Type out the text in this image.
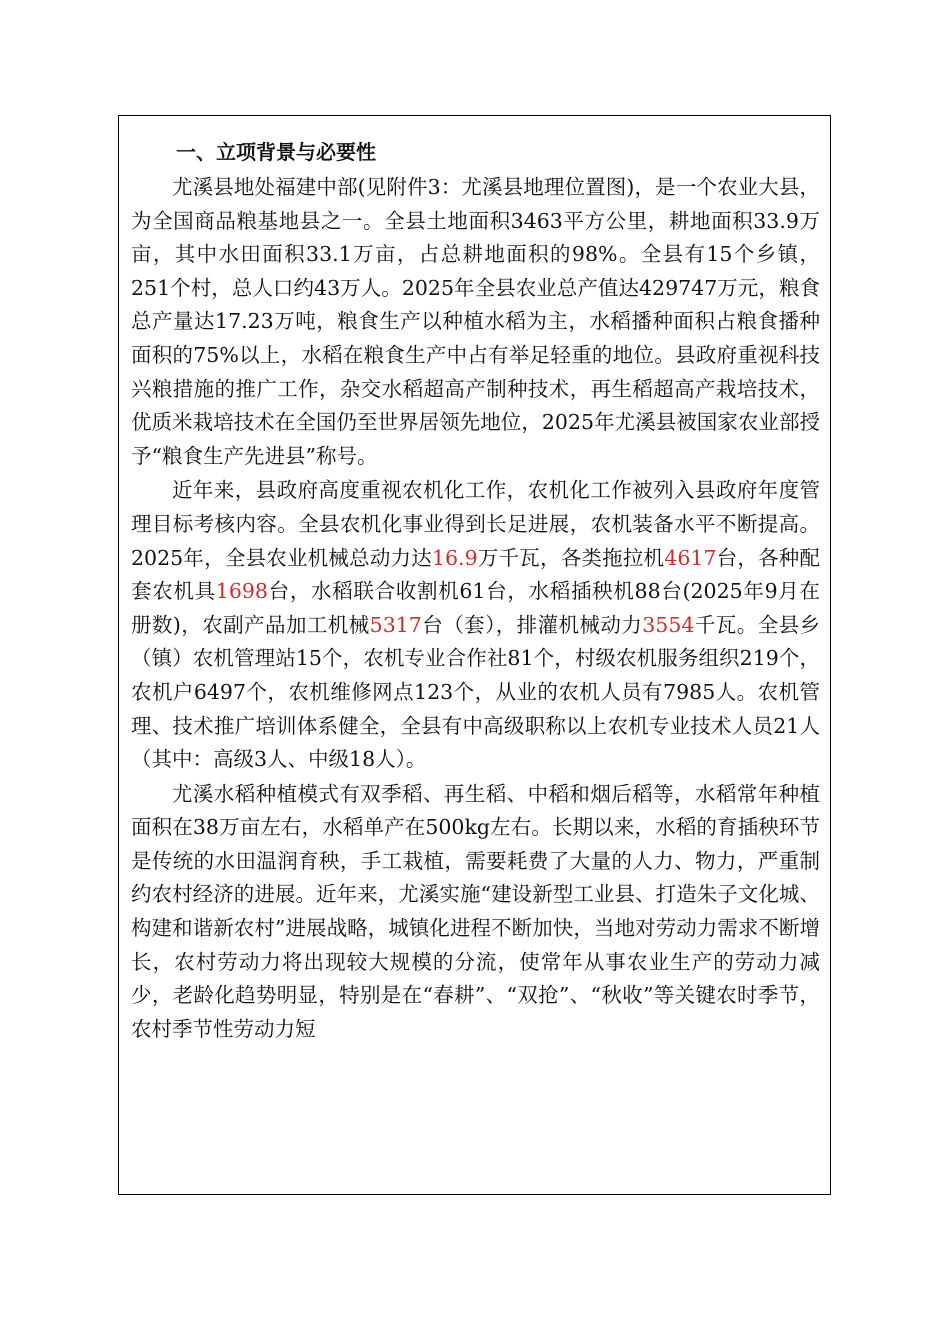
一、立项背景与必要性

尤溪县地处福建中部(见附件3：尤溪县地理位置图)，是一个农业大县，为全国商品粮基地县之一。全县土地面积3463平方公里，耕地面积33.9万亩，其中水田面积33.1万亩，占总耕地面积的98%。全县有15个乡镇，251个村，总人口约43万人。2025年全县农业总产值达429747万元，粮食总产量达17.23万吨，粮食生产以种植水稻为主，水稻播种面积占粮食播种面积的75%以上，水稻在粮食生产中占有举足轻重的地位。县政府重视科技兴粮措施的推广工作，杂交水稻超高产制种技术，再生稻超高产栽培技术，优质米栽培技术在全国仍至世界居领先地位，2025年尤溪县被国家农业部授予“粮食生产先进县”称号。

近年来，县政府高度重视农机化工作，农机化工作被列入县政府年度管理目标考核内容。全县农机化事业得到长足进展，农机装备水平不断提高。2025年，全县农业机械总动力达16.9万千瓦，各类拖拉机4617台，各种配套农机具1698台，水稻联合收割机61台，水稻插秧机88台(2025年9月在册数)，农副产品加工机械5317台（套），排灌机械动力3554千瓦。全县乡（镇）农机管理站15个，农机专业合作社81个，村级农机服务组织219个，农机户6497个，农机维修网点123个，从业的农机人员有7985人。农机管理、技术推广培训体系健全，全县有中高级职称以上农机专业技术人员21人（其中：高级3人、中级18人）。

尤溪水稻种植模式有双季稻、再生稻、中稻和烟后稻等，水稻常年种植面积在38万亩左右，水稻单产在500kg左右。长期以来，水稻的育插秧环节是传统的水田温润育秧，手工栽植，需要耗费了大量的人力、物力，严重制约农村经济的进展。近年来，尤溪实施“建设新型工业县、打造朱子文化城、构建和谐新农村”进展战略，城镇化进程不断加快，当地对劳动力需求不断增长，农村劳动力将出现较大规模的分流，使常年从事农业生产的劳动力减少，老龄化趋势明显，特别是在“春耕”、“双抢”、“秋收”等关键农时季节，农村季节性劳动力短
